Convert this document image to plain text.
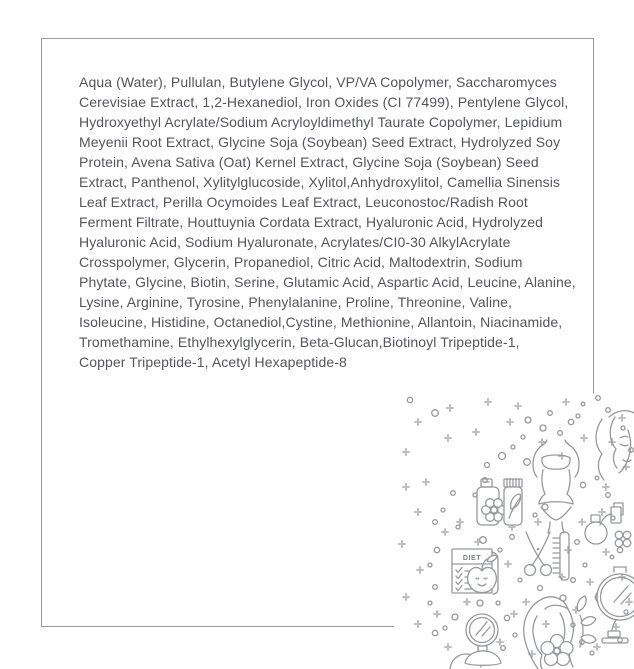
Aqua (Water), Pullulan, Butylene Glycol, VP/VA Copolymer, Saccharomyces
Cerevisiae Extract, 1,2-Hexanediol, Iron Oxides (CI 77499), Pentylene Glycol,
Hydroxyethyl Acrylate/Sodium Acryloyldimethyl Taurate Copolymer, Lepidium
Meyenii Root Extract, Glycine Soja (Soybean) Seed Extract, Hydrolyzed Soy
Protein, Avena Sativa (Oat) Kernel Extract, Glycine Soja (Soybean) Seed
Extract, Panthenol, Xylitylglucoside, Xylitol,Anhydroxylitol, Camellia Sinensis
Leaf Extract, Perilla Ocymoides Leaf Extract, Leuconostoc/Radish Root
Ferment Filtrate, Houttuynia Cordata Extract, Hyaluronic Acid, Hydrolyzed
Hyaluronic Acid, Sodium Hyaluronate, Acrylates/CI0-30 AlkylAcrylate
Crosspolymer, Glycerin, Propanediol, Citric Acid, Maltodextrin, Sodium
Phytate, Glycine, Biotin, Serine, Glutamic Acid, Aspartic Acid, Leucine, Alanine,
Lysine, Arginine, Tyrosine, Phenylalanine, Proline, Threonine, Valine,
Isoleucine, Histidine, Octanediol,Cystine, Methionine, Allantoin, Niacinamide,
Tromethamine, Ethylhexylglycerin, Beta-Glucan,Biotinoyl Tripeptide-1,
Copper Tripeptide-1, Acetyl Hexapeptide-8
DIET
